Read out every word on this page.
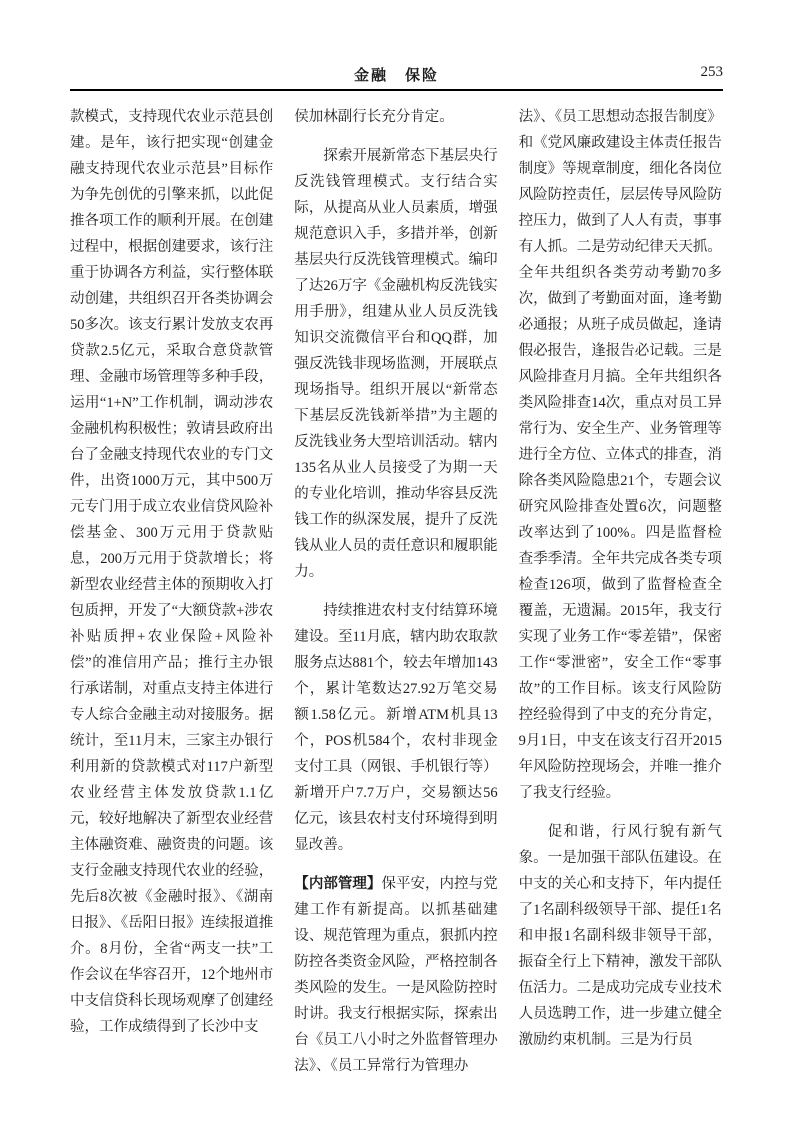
金融　保险	253

款模式，支持现代农业示范县创建。是年，该行把实现“创建金融支持现代农业示范县”目标作为争先创优的引擎来抓，以此促推各项工作的顺利开展。在创建过程中，根据创建要求，该行注重于协调各方利益，实行整体联动创建，共组织召开各类协调会50多次。该支行累计发放支农再贷款2.5亿元，采取合意贷款管理、金融市场管理等多种手段，运用“1+N”工作机制，调动涉农金融机构积极性；敦请县政府出台了金融支持现代农业的专门文件，出资1000万元，其中500万元专门用于成立农业信贷风险补偿基金、300万元用于贷款贴息，200万元用于贷款增长；将新型农业经营主体的预期收入打包质押，开发了“大额贷款+涉农补贴质押+农业保险+风险补偿”的准信用产品；推行主办银行承诺制，对重点支持主体进行专人综合金融主动对接服务。据统计，至11月末，三家主办银行利用新的贷款模式对117户新型农业经营主体发放贷款1.1亿元，较好地解决了新型农业经营主体融资难、融资贵的问题。该支行金融支持现代农业的经验，先后8次被《金融时报》、《湖南日报》、《岳阳日报》连续报道推介。8月份，全省“两支一扶”工作会议在华容召开，12个地州市中支信贷科长现场观摩了创建经验，工作成绩得到了长沙中支

侯加林副行长充分肯定。

探索开展新常态下基层央行反洗钱管理模式。支行结合实际，从提高从业人员素质，增强规范意识入手，多措并举，创新基层央行反洗钱管理模式。编印了达26万字《金融机构反洗钱实用手册》，组建从业人员反洗钱知识交流微信平台和QQ群，加强反洗钱非现场监测，开展联点现场指导。组织开展以“新常态下基层反洗钱新举措”为主题的反洗钱业务大型培训活动。辖内135名从业人员接受了为期一天的专业化培训，推动华容县反洗钱工作的纵深发展，提升了反洗钱从业人员的责任意识和履职能力。

持续推进农村支付结算环境建设。至11月底，辖内助农取款服务点达881个，较去年增加143个，累计笔数达27.92万笔交易额1.58亿元。新增ATM机具13个，POS机584个，农村非现金支付工具（网银、手机银行等）新增开户7.7万户，交易额达56亿元，该县农村支付环境得到明显改善。

【内部管理】保平安，内控与党建工作有新提高。以抓基础建设、规范管理为重点，狠抓内控防控各类资金风险，严格控制各类风险的发生。一是风险防控时时讲。我支行根据实际，探索出台《员工八小时之外监督管理办法》、《员工异常行为管理办

法》、《员工思想动态报告制度》和《党风廉政建设主体责任报告制度》等规章制度，细化各岗位风险防控责任，层层传导风险防控压力，做到了人人有责，事事有人抓。二是劳动纪律天天抓。全年共组织各类劳动考勤70多次，做到了考勤面对面，逢考勤必通报；从班子成员做起，逢请假必报告，逢报告必记载。三是风险排查月月搞。全年共组织各类风险排查14次，重点对员工异常行为、安全生产、业务管理等进行全方位、立体式的排查，消除各类风险隐患21个，专题会议研究风险排查处置6次，问题整改率达到了100%。四是监督检查季季清。全年共完成各类专项检查126项，做到了监督检查全覆盖，无遗漏。2015年，我支行实现了业务工作“零差错”，保密工作“零泄密”，安全工作“零事故”的工作目标。该支行风险防控经验得到了中支的充分肯定，9月1日，中支在该支行召开2015年风险防控现场会，并唯一推介了我支行经验。

促和谐，行风行貌有新气象。一是加强干部队伍建设。在中支的关心和支持下，年内提任了1名副科级领导干部、提任1名和申报1名副科级非领导干部，振奋全行上下精神，激发干部队伍活力。二是成功完成专业技术人员选聘工作，进一步建立健全激励约束机制。三是为行员
